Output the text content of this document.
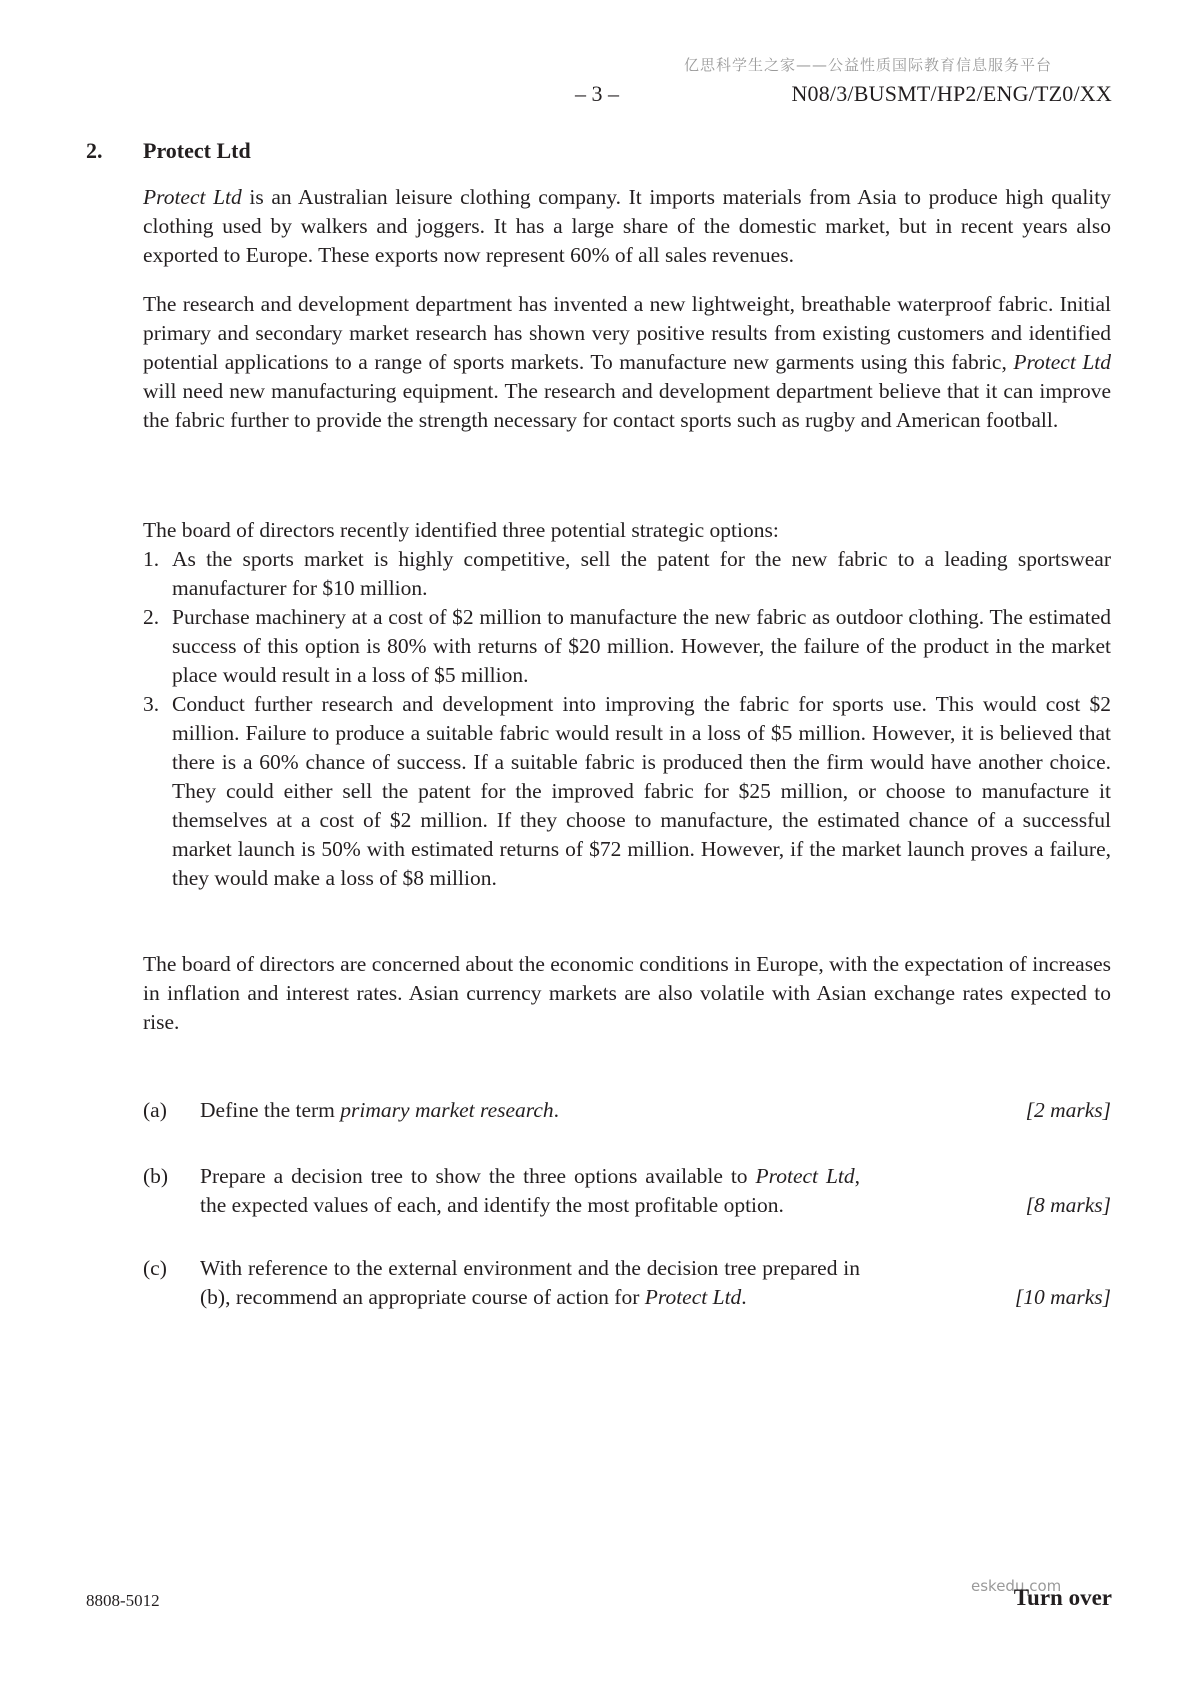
亿思科学生之家——公益性质国际教育信息服务平台
– 3 –	N08/3/BUSMT/HP2/ENG/TZ0/XX
2. Protect Ltd

Protect Ltd is an Australian leisure clothing company. It imports materials from Asia to produce high quality clothing used by walkers and joggers. It has a large share of the domestic market, but in recent years also exported to Europe. These exports now represent 60% of all sales revenues.

The research and development department has invented a new lightweight, breathable waterproof fabric. Initial primary and secondary market research has shown very positive results from existing customers and identified potential applications to a range of sports markets. To manufacture new garments using this fabric, Protect Ltd will need new manufacturing equipment. The research and development department believe that it can improve the fabric further to provide the strength necessary for contact sports such as rugby and American football.

The board of directors recently identified three potential strategic options:

1. As the sports market is highly competitive, sell the patent for the new fabric to a leading sportswear manufacturer for $10 million.
2. Purchase machinery at a cost of $2 million to manufacture the new fabric as outdoor clothing. The estimated success of this option is 80% with returns of $20 million. However, the failure of the product in the market place would result in a loss of $5 million.
3. Conduct further research and development into improving the fabric for sports use. This would cost $2 million. Failure to produce a suitable fabric would result in a loss of $5 million. However, it is believed that there is a 60% chance of success. If a suitable fabric is produced then the firm would have another choice. They could either sell the patent for the improved fabric for $25 million, or choose to manufacture it themselves at a cost of $2 million. If they choose to manufacture, the estimated chance of a successful market launch is 50% with estimated returns of $72 million. However, if the market launch proves a failure, they would make a loss of $8 million.

The board of directors are concerned about the economic conditions in Europe, with the expectation of increases in inflation and interest rates. Asian currency markets are also volatile with Asian exchange rates expected to rise.

(a) Define the term primary market research.	[2 marks]
(b) Prepare a decision tree to show the three options available to Protect Ltd, the expected values of each, and identify the most profitable option.	[8 marks]
(c) With reference to the external environment and the decision tree prepared in (b), recommend an appropriate course of action for Protect Ltd.	[10 marks]
8808-5012
eskedu.com
Turn over
